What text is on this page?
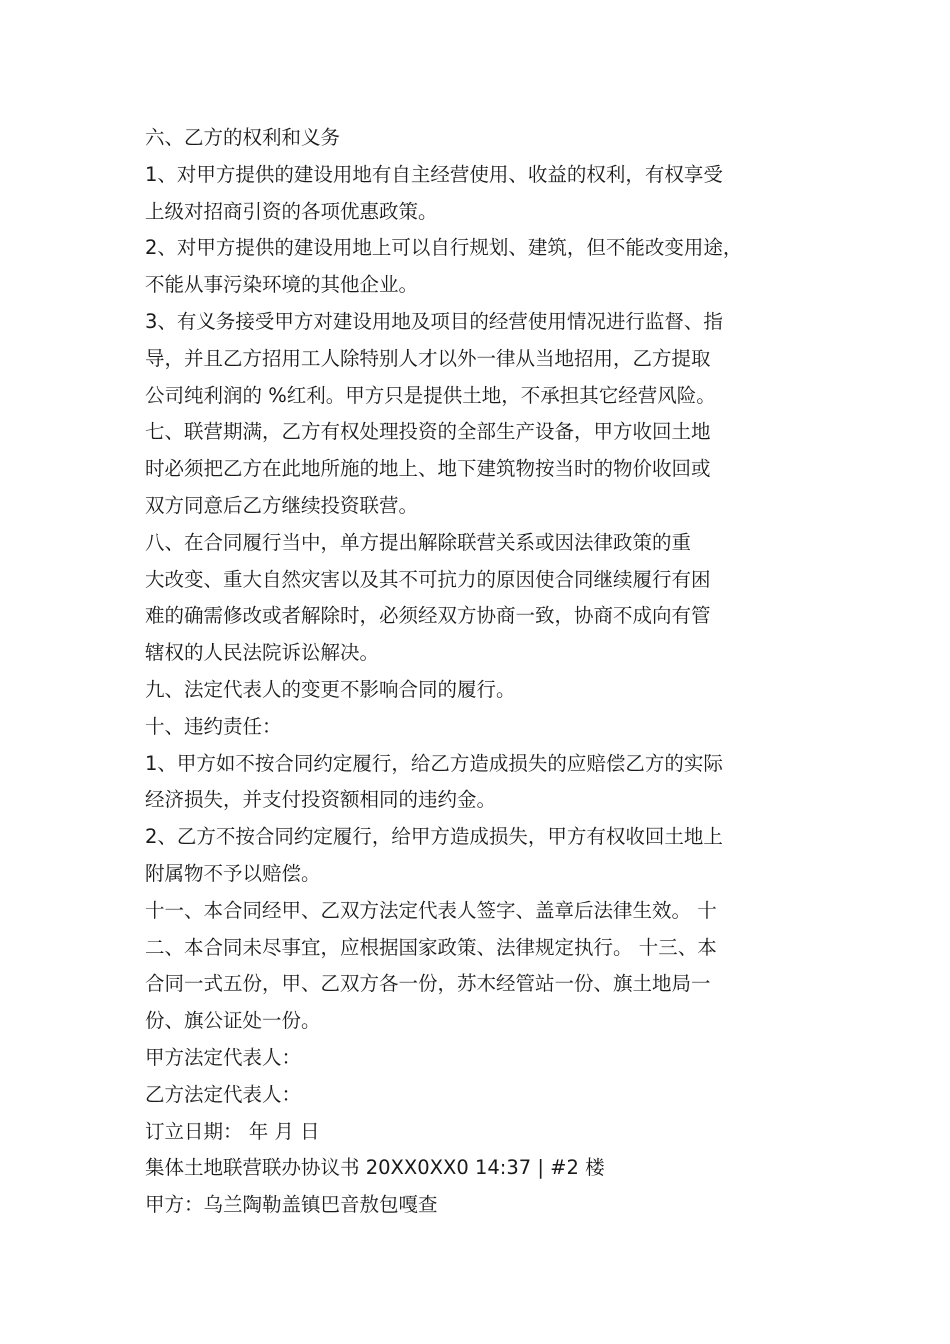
六、乙方的权利和义务
1、对甲方提供的建设用地有自主经营使用、收益的权利，有权享受
上级对招商引资的各项优惠政策。
2、对甲方提供的建设用地上可以自行规划、建筑，但不能改变用途，
不能从事污染环境的其他企业。
3、有义务接受甲方对建设用地及项目的经营使用情况进行监督、指
导，并且乙方招用工人除特别人才以外一律从当地招用，乙方提取
公司纯利润的 %红利。甲方只是提供土地，不承担其它经营风险。
七、联营期满，乙方有权处理投资的全部生产设备，甲方收回土地
时必须把乙方在此地所施的地上、地下建筑物按当时的物价收回或
双方同意后乙方继续投资联营。
八、在合同履行当中，单方提出解除联营关系或因法律政策的重
大改变、重大自然灾害以及其不可抗力的原因使合同继续履行有困
难的确需修改或者解除时，必须经双方协商一致，协商不成向有管
辖权的人民法院诉讼解决。
九、法定代表人的变更不影响合同的履行。
十、违约责任：
1、甲方如不按合同约定履行，给乙方造成损失的应赔偿乙方的实际
经济损失，并支付投资额相同的违约金。
2、乙方不按合同约定履行，给甲方造成损失，甲方有权收回土地上
附属物不予以赔偿。
十一、本合同经甲、乙双方法定代表人签字、盖章后法律生效。 十
二、本合同未尽事宜，应根据国家政策、法律规定执行。 十三、本
合同一式五份，甲、乙双方各一份，苏木经管站一份、旗土地局一
份、旗公证处一份。
甲方法定代表人：
乙方法定代表人：
订立日期： 年 月 日
集体土地联营联办协议书 20XX0XX0 14:37 | #2 楼
甲方：乌兰陶勒盖镇巴音敖包嘎查
